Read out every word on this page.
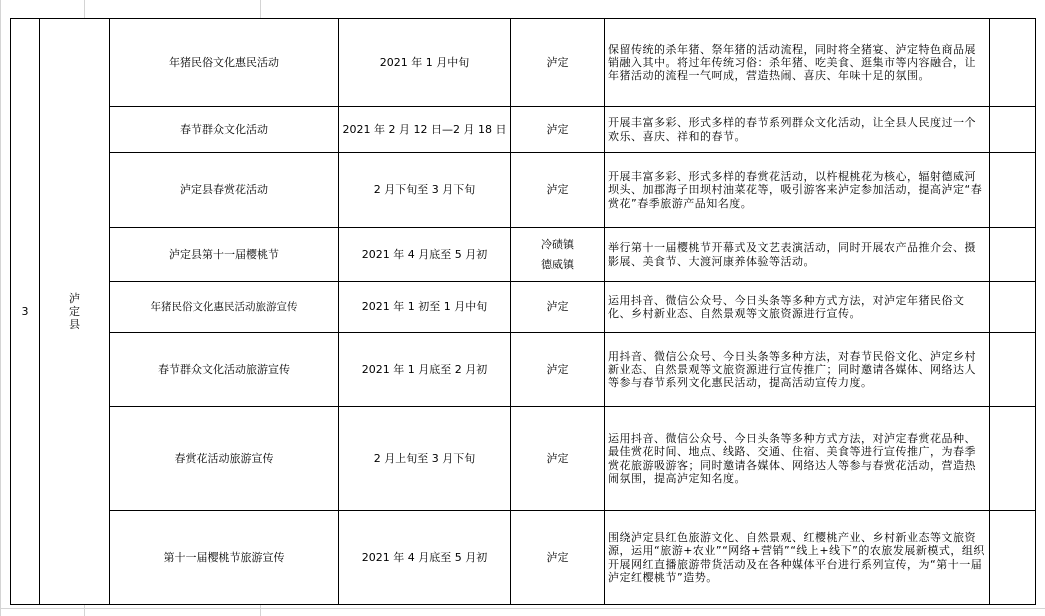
3	泸定县	年猪民俗文化惠民活动	2021 年 1 月中旬	泸定	保留传统的杀年猪、祭年猪的活动流程，同时将全猪宴、泸定特色商品展销融入其中。将过年传统习俗：杀年猪、吃美食、逛集市等内容融合，让年猪活动的流程一气呵成，营造热闹、喜庆、年味十足的氛围。	
		春节群众文化活动	2021 年 2 月 12 日—2 月 18 日	泸定	开展丰富多彩、形式多样的春节系列群众文化活动，让全县人民度过一个欢乐、喜庆、祥和的春节。	
		泸定县春赏花活动	2 月下旬至 3 月下旬	泸定	开展丰富多彩、形式多样的春赏花活动，以杵棍桃花为核心，辐射德威河坝头、加郡海子田坝村油菜花等，吸引游客来泸定参加活动，提高泸定“春赏花”春季旅游产品知名度。	
		泸定县第十一届樱桃节	2021 年 4 月底至 5 月初	冷碛镇
德威镇	举行第十一届樱桃节开幕式及文艺表演活动，同时开展农产品推介会、摄影展、美食节、大渡河康养体验等活动。	
		年猪民俗文化惠民活动旅游宣传	2021 年 1 初至 1 月中旬	泸定	运用抖音、微信公众号、今日头条等多种方式方法，对泸定年猪民俗文化、乡村新业态、自然景观等文旅资源进行宣传。	
		春节群众文化活动旅游宣传	2021 年 1 月底至 2 月初	泸定	用抖音、微信公众号、今日头条等多种方法，对春节民俗文化、泸定乡村新业态、自然景观等文旅资源进行宣传推广；同时邀请各媒体、网络达人等参与春节系列文化惠民活动，提高活动宣传力度。	
		春赏花活动旅游宣传	2 月上旬至 3 月下旬	泸定	运用抖音、微信公众号、今日头条等多种方式方法，对泸定春赏花品种、最佳赏花时间、地点、线路、交通、住宿、美食等进行宣传推广，为春季赏花旅游吸游客；同时邀请各媒体、网络达人等参与春赏花活动，营造热闹氛围，提高泸定知名度。	
		第十一届樱桃节旅游宣传	2021 年 4 月底至 5 月初	泸定	围绕泸定县红色旅游文化、自然景观、红樱桃产业、乡村新业态等文旅资源，运用“旅游+农业”“网络+营销”“线上+线下”的农旅发展新模式，组织开展网红直播旅游带货活动及在各种媒体平台进行系列宣传，为“第十一届泸定红樱桃节”造势。	
